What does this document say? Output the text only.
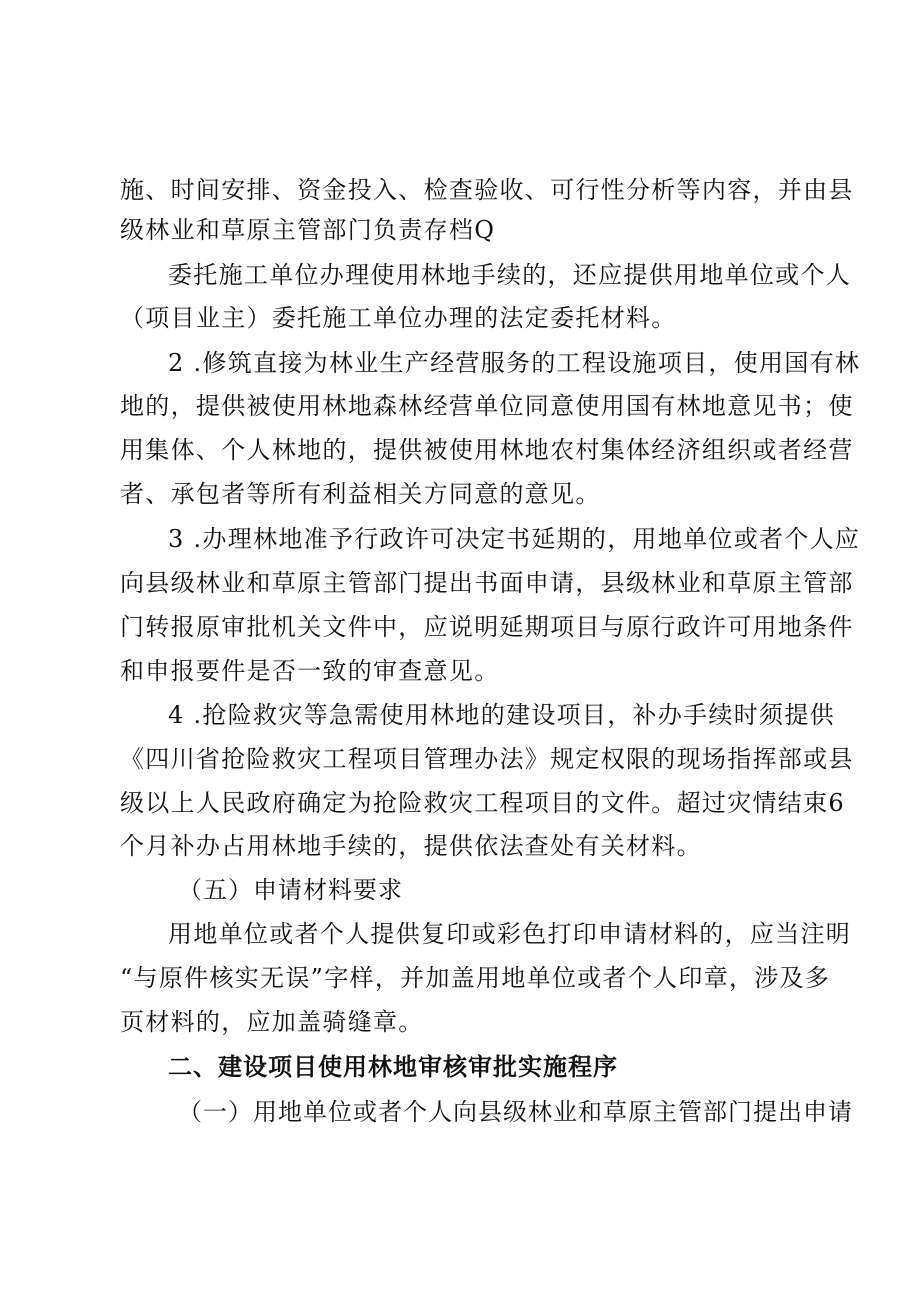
施、时间安排、资金投入、检查验收、可行性分析等内容，并由县
级林业和草原主管部门负责存档Q
委托施工单位办理使用林地手续的，还应提供用地单位或个人
（项目业主）委托施工单位办理的法定委托材料。
2 .修筑直接为林业生产经营服务的工程设施项目，使用国有林
地的，提供被使用林地森林经营单位同意使用国有林地意见书；使
用集体、个人林地的，提供被使用林地农村集体经济组织或者经营
者、承包者等所有利益相关方同意的意见。
3 .办理林地准予行政许可决定书延期的，用地单位或者个人应
向县级林业和草原主管部门提出书面申请，县级林业和草原主管部
门转报原审批机关文件中，应说明延期项目与原行政许可用地条件
和申报要件是否一致的审查意见。
4 .抢险救灾等急需使用林地的建设项目，补办手续时须提供
《四川省抢险救灾工程项目管理办法》规定权限的现场指挥部或县
级以上人民政府确定为抢险救灾工程项目的文件。超过灾情结束6
个月补办占用林地手续的，提供依法查处有关材料。
（五）申请材料要求
用地单位或者个人提供复印或彩色打印申请材料的，应当注明
“与原件核实无误”字样，并加盖用地单位或者个人印章，涉及多
页材料的，应加盖骑缝章。
二、建设项目使用林地审核审批实施程序
（一）用地单位或者个人向县级林业和草原主管部门提出申请
